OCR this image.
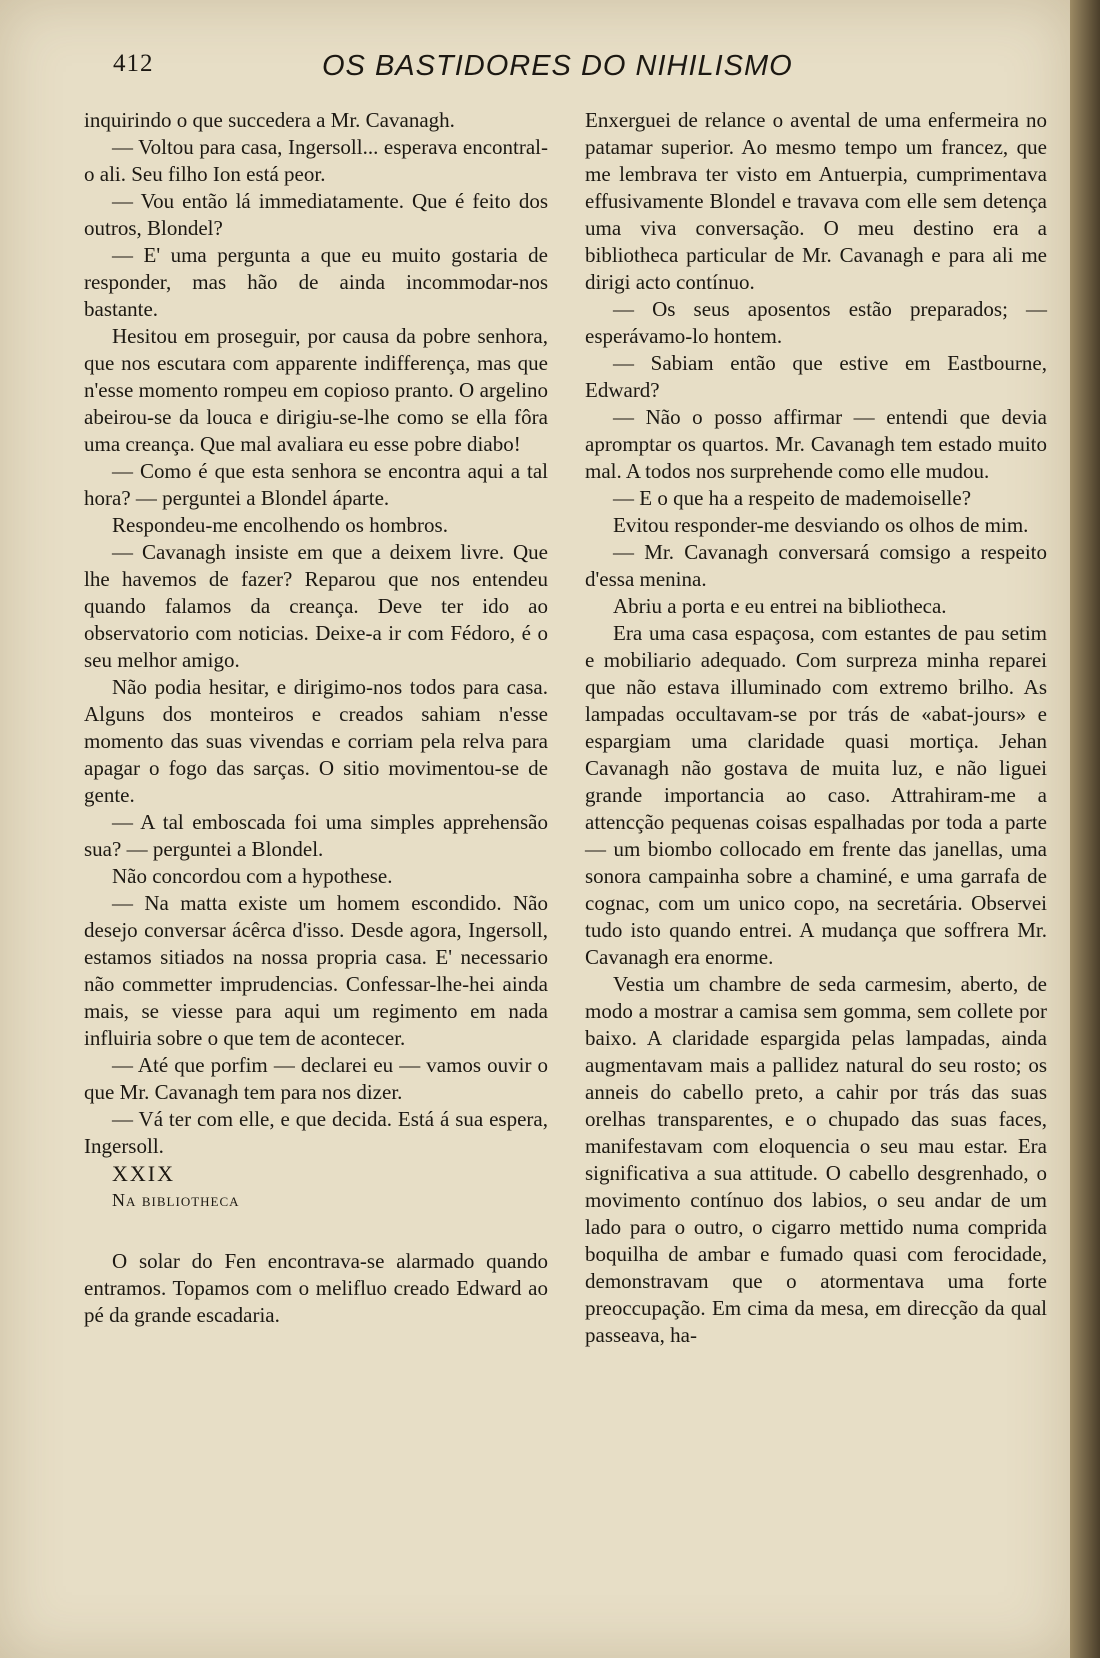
412	OS BASTIDORES DO NIHILISMO

inquirindo o que succedera a Mr. Cavanagh.

— Voltou para casa, Ingersoll... esperava encontral-o ali. Seu filho Ion está peor.

— Vou então lá immediatamente. Que é feito dos outros, Blondel?

— E' uma pergunta a que eu muito gostaria de responder, mas hão de ainda incommodar-nos bastante.

Hesitou em proseguir, por causa da pobre senhora, que nos escutara com apparente indifferença, mas que n'esse momento rompeu em copioso pranto. O argelino abeirou-se da louca e dirigiu-se-lhe como se ella fôra uma creança. Que mal avaliara eu esse pobre diabo!

— Como é que esta senhora se encontra aqui a tal hora? — perguntei a Blondel áparte.

Respondeu-me encolhendo os hombros.

— Cavanagh insiste em que a deixem livre. Que lhe havemos de fazer? Reparou que nos entendeu quando falamos da creança. Deve ter ido ao observatorio com noticias. Deixe-a ir com Fédoro, é o seu melhor amigo.

Não podia hesitar, e dirigimo-nos todos para casa. Alguns dos monteiros e creados sahiam n'esse momento das suas vivendas e corriam pela relva para apagar o fogo das sarças. O sitio movimentou-se de gente.

— A tal emboscada foi uma simples apprehensão sua? — perguntei a Blondel.

Não concordou com a hypothese.

— Na matta existe um homem escondido. Não desejo conversar ácêrca d'isso. Desde agora, Ingersoll, estamos sitiados na nossa propria casa. E' necessario não commetter imprudencias. Confessar-lhe-hei ainda mais, se viesse para aqui um regimento em nada influiria sobre o que tem de acontecer.

— Até que porfim — declarei eu — vamos ouvir o que Mr. Cavanagh tem para nos dizer.

— Vá ter com elle, e que decida. Está á sua espera, Ingersoll.

XXIX

Na bibliotheca

O solar do Fen encontrava-se alarmado quando entramos. Topamos com o melifluo creado Edward ao pé da grande escadaria.

Enxerguei de relance o avental de uma enfermeira no patamar superior. Ao mesmo tempo um francez, que me lembrava ter visto em Antuerpia, cumprimentava effusivamente Blondel e travava com elle sem detença uma viva conversação. O meu destino era a bibliotheca particular de Mr. Cavanagh e para ali me dirigi acto contínuo.

— Os seus aposentos estão preparados; — esperávamo-lo hontem.

— Sabiam então que estive em Eastbourne, Edward?

— Não o posso affirmar — entendi que devia apromptar os quartos. Mr. Cavanagh tem estado muito mal. A todos nos surprehende como elle mudou.

— E o que ha a respeito de mademoiselle?

Evitou responder-me desviando os olhos de mim.

— Mr. Cavanagh conversará comsigo a respeito d'essa menina.

Abriu a porta e eu entrei na bibliotheca.

Era uma casa espaçosa, com estantes de pau setim e mobiliario adequado. Com surpreza minha reparei que não estava illuminado com extremo brilho. As lampadas occultavam-se por trás de «abat-jours» e espargiam uma claridade quasi mortiça. Jehan Cavanagh não gostava de muita luz, e não liguei grande importancia ao caso. Attrahiram-me a attencção pequenas coisas espalhadas por toda a parte — um biombo collocado em frente das janellas, uma sonora campainha sobre a chaminé, e uma garrafa de cognac, com um unico copo, na secretária. Observei tudo isto quando entrei. A mudança que soffrera Mr. Cavanagh era enorme.

Vestia um chambre de seda carmesim, aberto, de modo a mostrar a camisa sem gomma, sem collete por baixo. A claridade espargida pelas lampadas, ainda augmentavam mais a pallidez natural do seu rosto; os anneis do cabello preto, a cahir por trás das suas orelhas transparentes, e o chupado das suas faces, manifestavam com eloquencia o seu mau estar. Era significativa a sua attitude. O cabello desgrenhado, o movimento contínuo dos labios, o seu andar de um lado para o outro, o cigarro mettido numa comprida boquilha de ambar e fumado quasi com ferocidade, demonstravam que o atormentava uma forte preoccupação. Em cima da mesa, em direcção da qual passeava, ha-
